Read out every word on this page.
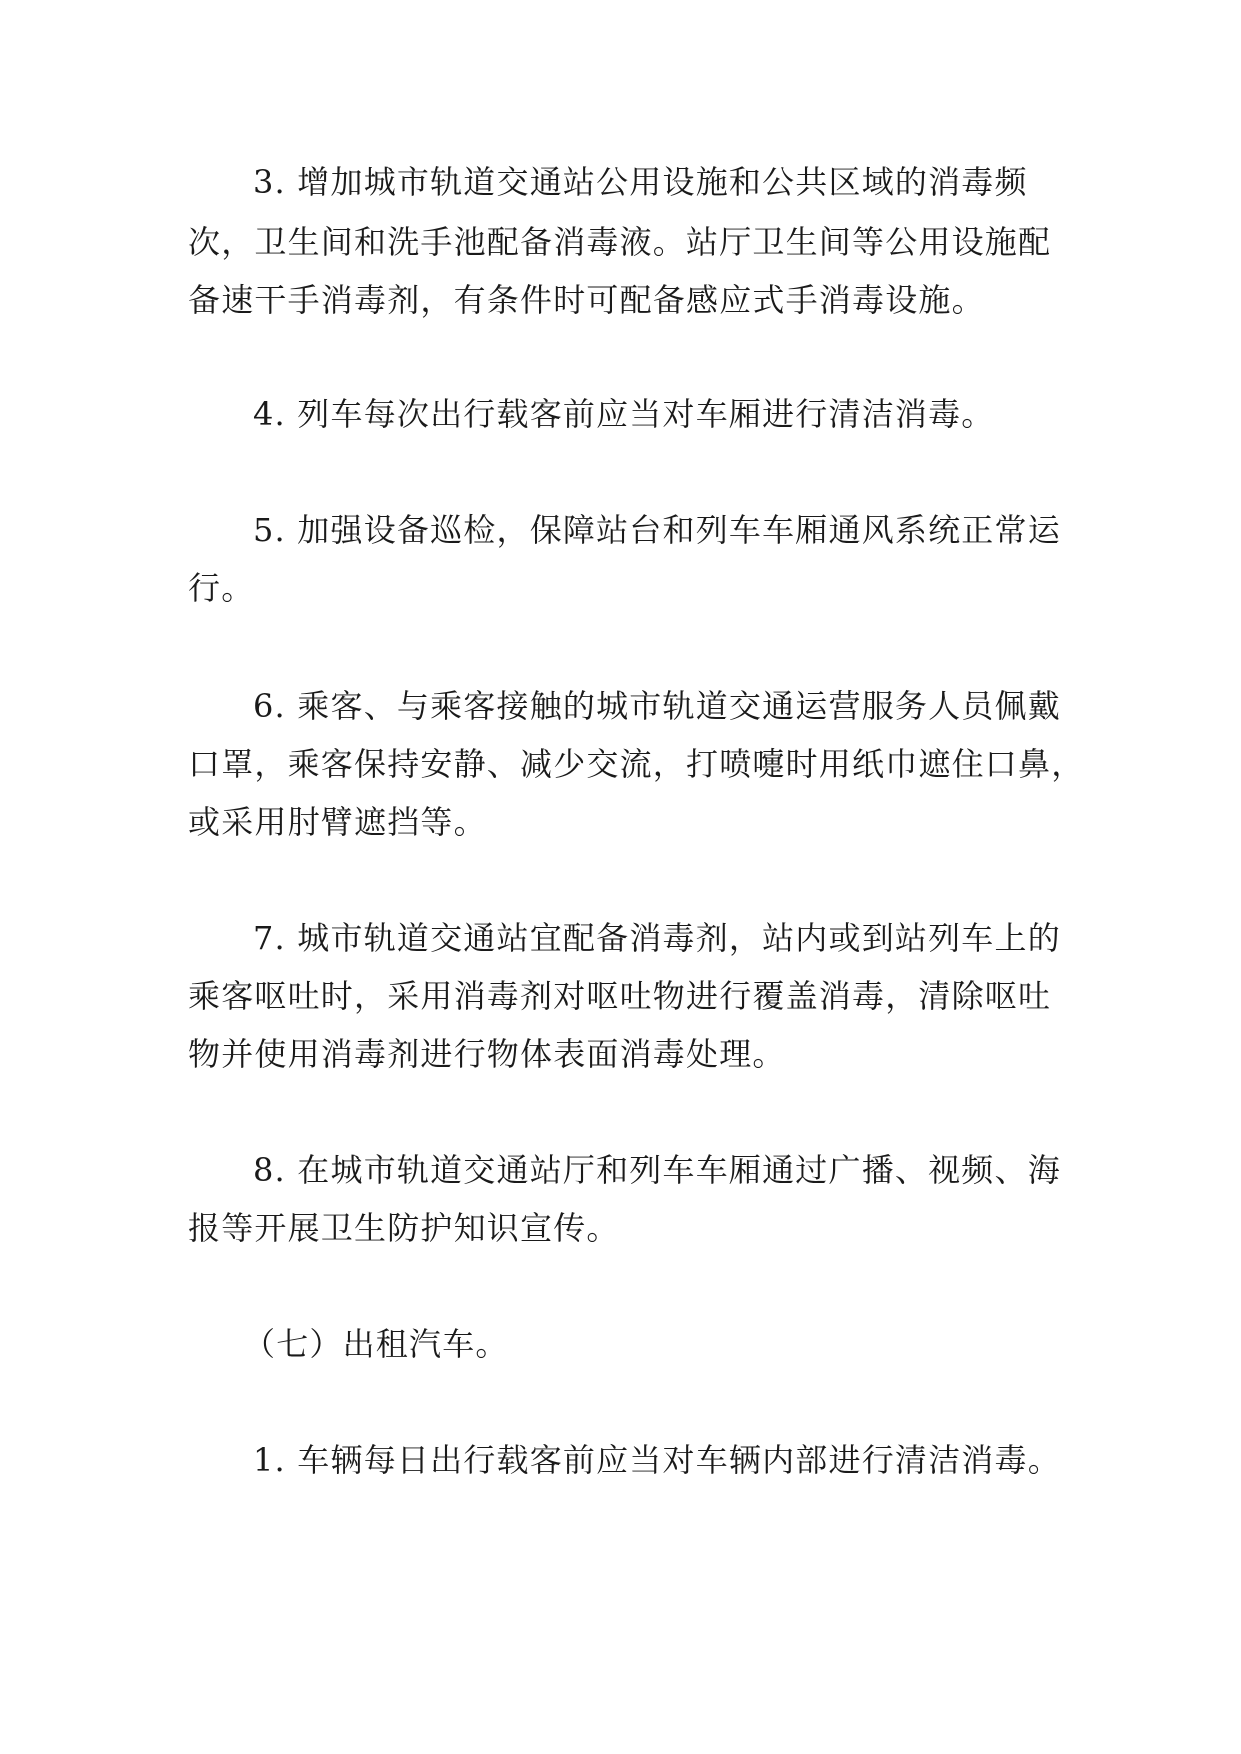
3. 增加城市轨道交通站公用设施和公共区域的消毒频
次，卫生间和洗手池配备消毒液。站厅卫生间等公用设施配
备速干手消毒剂，有条件时可配备感应式手消毒设施。
4. 列车每次出行载客前应当对车厢进行清洁消毒。
5. 加强设备巡检，保障站台和列车车厢通风系统正常运
行。
6. 乘客、与乘客接触的城市轨道交通运营服务人员佩戴
口罩，乘客保持安静、减少交流，打喷嚏时用纸巾遮住口鼻，
或采用肘臂遮挡等。
7. 城市轨道交通站宜配备消毒剂，站内或到站列车上的
乘客呕吐时，采用消毒剂对呕吐物进行覆盖消毒，清除呕吐
物并使用消毒剂进行物体表面消毒处理。
8. 在城市轨道交通站厅和列车车厢通过广播、视频、海
报等开展卫生防护知识宣传。
（七）出租汽车。
1. 车辆每日出行载客前应当对车辆内部进行清洁消毒。
